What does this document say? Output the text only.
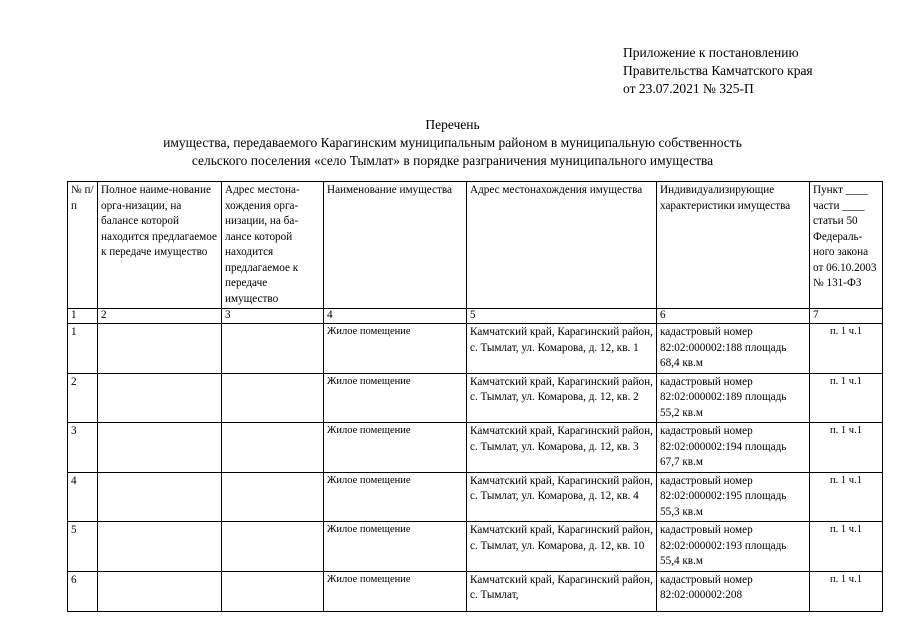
Приложение к постановлению
Правительства Камчатского края
от 23.07.2021 № 325-П
Перечень
имущества, передаваемого Карагинским муниципальным районом в муниципальную собственность
сельского поселения «село Тымлат» в порядке разграничения муниципального имущества
№ п/п	Полное наиме-нование орга-низации, на балансе которой находится предлагаемое к передаче имущество	Адрес местона-хождения орга-низации, на ба-лансе которой находится предлагаемое к передаче имущество	Наименование имущества	Адрес местонахождения имущества	Индивидуализирующие характеристики имущества	Пункт ____ части ____ статьи 50 Федераль-ного закона от 06.10.2003 № 131-ФЗ
1	2	3	4	5	6	7
1			Жилое помещение	Камчатский край, Карагинский район, с. Тымлат, ул. Комарова, д. 12, кв. 1	кадастровый номер 82:02:000002:188 площадь 68,4 кв.м	п. 1 ч.1
2			Жилое помещение	Камчатский край, Карагинский район, с. Тымлат, ул. Комарова, д. 12, кв. 2	кадастровый номер 82:02:000002:189 площадь 55,2 кв.м	п. 1 ч.1
3			Жилое помещение	Камчатский край, Карагинский район, с. Тымлат, ул. Комарова, д. 12, кв. 3	кадастровый номер 82:02:000002:194 площадь 67,7 кв.м	п. 1 ч.1
4			Жилое помещение	Камчатский край, Карагинский район, с. Тымлат, ул. Комарова, д. 12, кв. 4	кадастровый номер 82:02:000002:195 площадь 55,3 кв.м	п. 1 ч.1
5			Жилое помещение	Камчатский край, Карагинский район, с. Тымлат, ул. Комарова, д. 12, кв. 10	кадастровый номер 82:02:000002:193 площадь 55,4 кв.м	п. 1 ч.1
6			Жилое помещение	Камчатский край, Карагинский район, с. Тымлат,	кадастровый номер 82:02:000002:208	п. 1 ч.1
